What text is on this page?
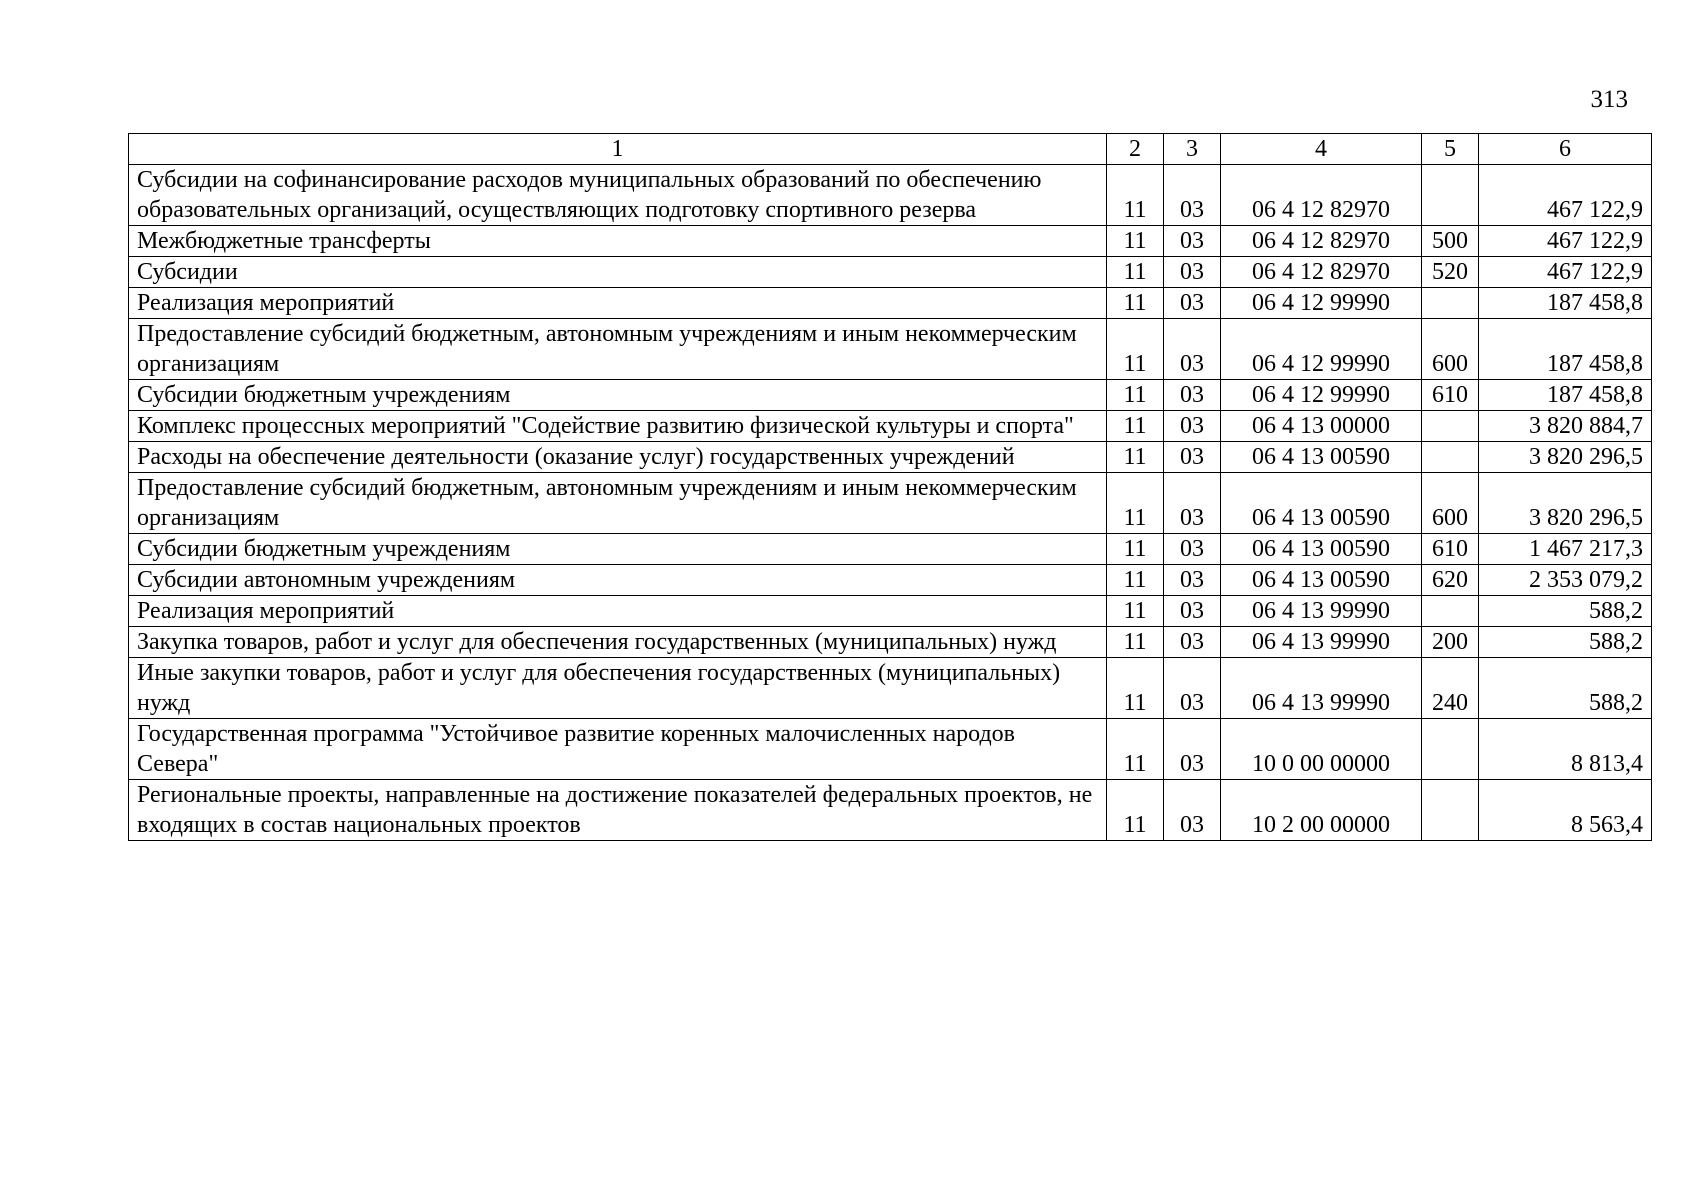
313
1	2	3	4	5	6
Субсидии на софинансирование расходов муниципальных образований по обеспечению образовательных организаций, осуществляющих подготовку спортивного резерва	11	03	06 4 12 82970		467 122,9
Межбюджетные трансферты	11	03	06 4 12 82970	500	467 122,9
Субсидии	11	03	06 4 12 82970	520	467 122,9
Реализация мероприятий	11	03	06 4 12 99990		187 458,8
Предоставление субсидий бюджетным, автономным учреждениям и иным некоммерческим организациям	11	03	06 4 12 99990	600	187 458,8
Субсидии бюджетным учреждениям	11	03	06 4 12 99990	610	187 458,8
Комплекс процессных мероприятий "Содействие развитию физической культуры и спорта"	11	03	06 4 13 00000		3 820 884,7
Расходы на обеспечение деятельности (оказание услуг) государственных учреждений	11	03	06 4 13 00590		3 820 296,5
Предоставление субсидий бюджетным, автономным учреждениям и иным некоммерческим организациям	11	03	06 4 13 00590	600	3 820 296,5
Субсидии бюджетным учреждениям	11	03	06 4 13 00590	610	1 467 217,3
Субсидии автономным учреждениям	11	03	06 4 13 00590	620	2 353 079,2
Реализация мероприятий	11	03	06 4 13 99990		588,2
Закупка товаров, работ и услуг для обеспечения государственных (муниципальных) нужд	11	03	06 4 13 99990	200	588,2
Иные закупки товаров, работ и услуг для обеспечения государственных (муниципальных) нужд	11	03	06 4 13 99990	240	588,2
Государственная программа "Устойчивое развитие коренных малочисленных народов Севера"	11	03	10 0 00 00000		8 813,4
Региональные проекты, направленные на достижение показателей федеральных проектов, не входящих в состав национальных проектов	11	03	10 2 00 00000		8 563,4
